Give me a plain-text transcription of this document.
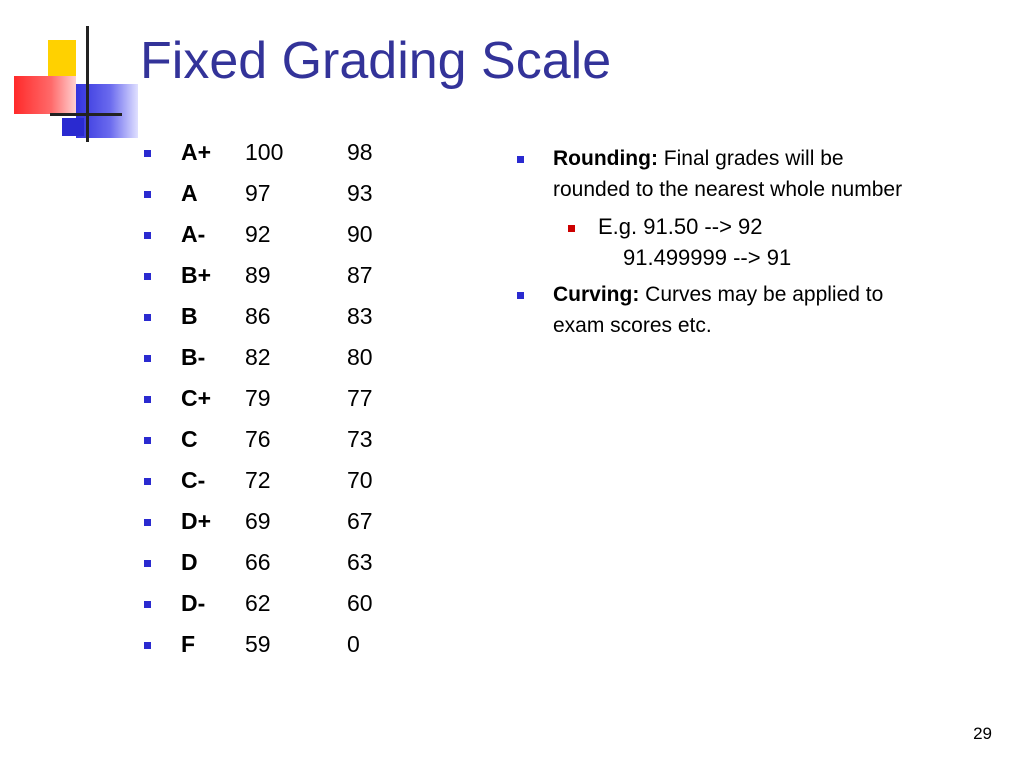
Fixed Grading Scale
A+ 100	98
A 97	93
A- 92	90
B+ 89	87
B 86	83
B- 82	80
C+ 79	77
C 76	73
C- 72	70
D+ 69	67
D 66	63
D- 62	60
F 59	0
Rounding: Final grades will be rounded to the nearest whole number
E.g. 91.50 --> 92
91.499999 --> 91
Curving: Curves may be applied to exam scores etc.
29
